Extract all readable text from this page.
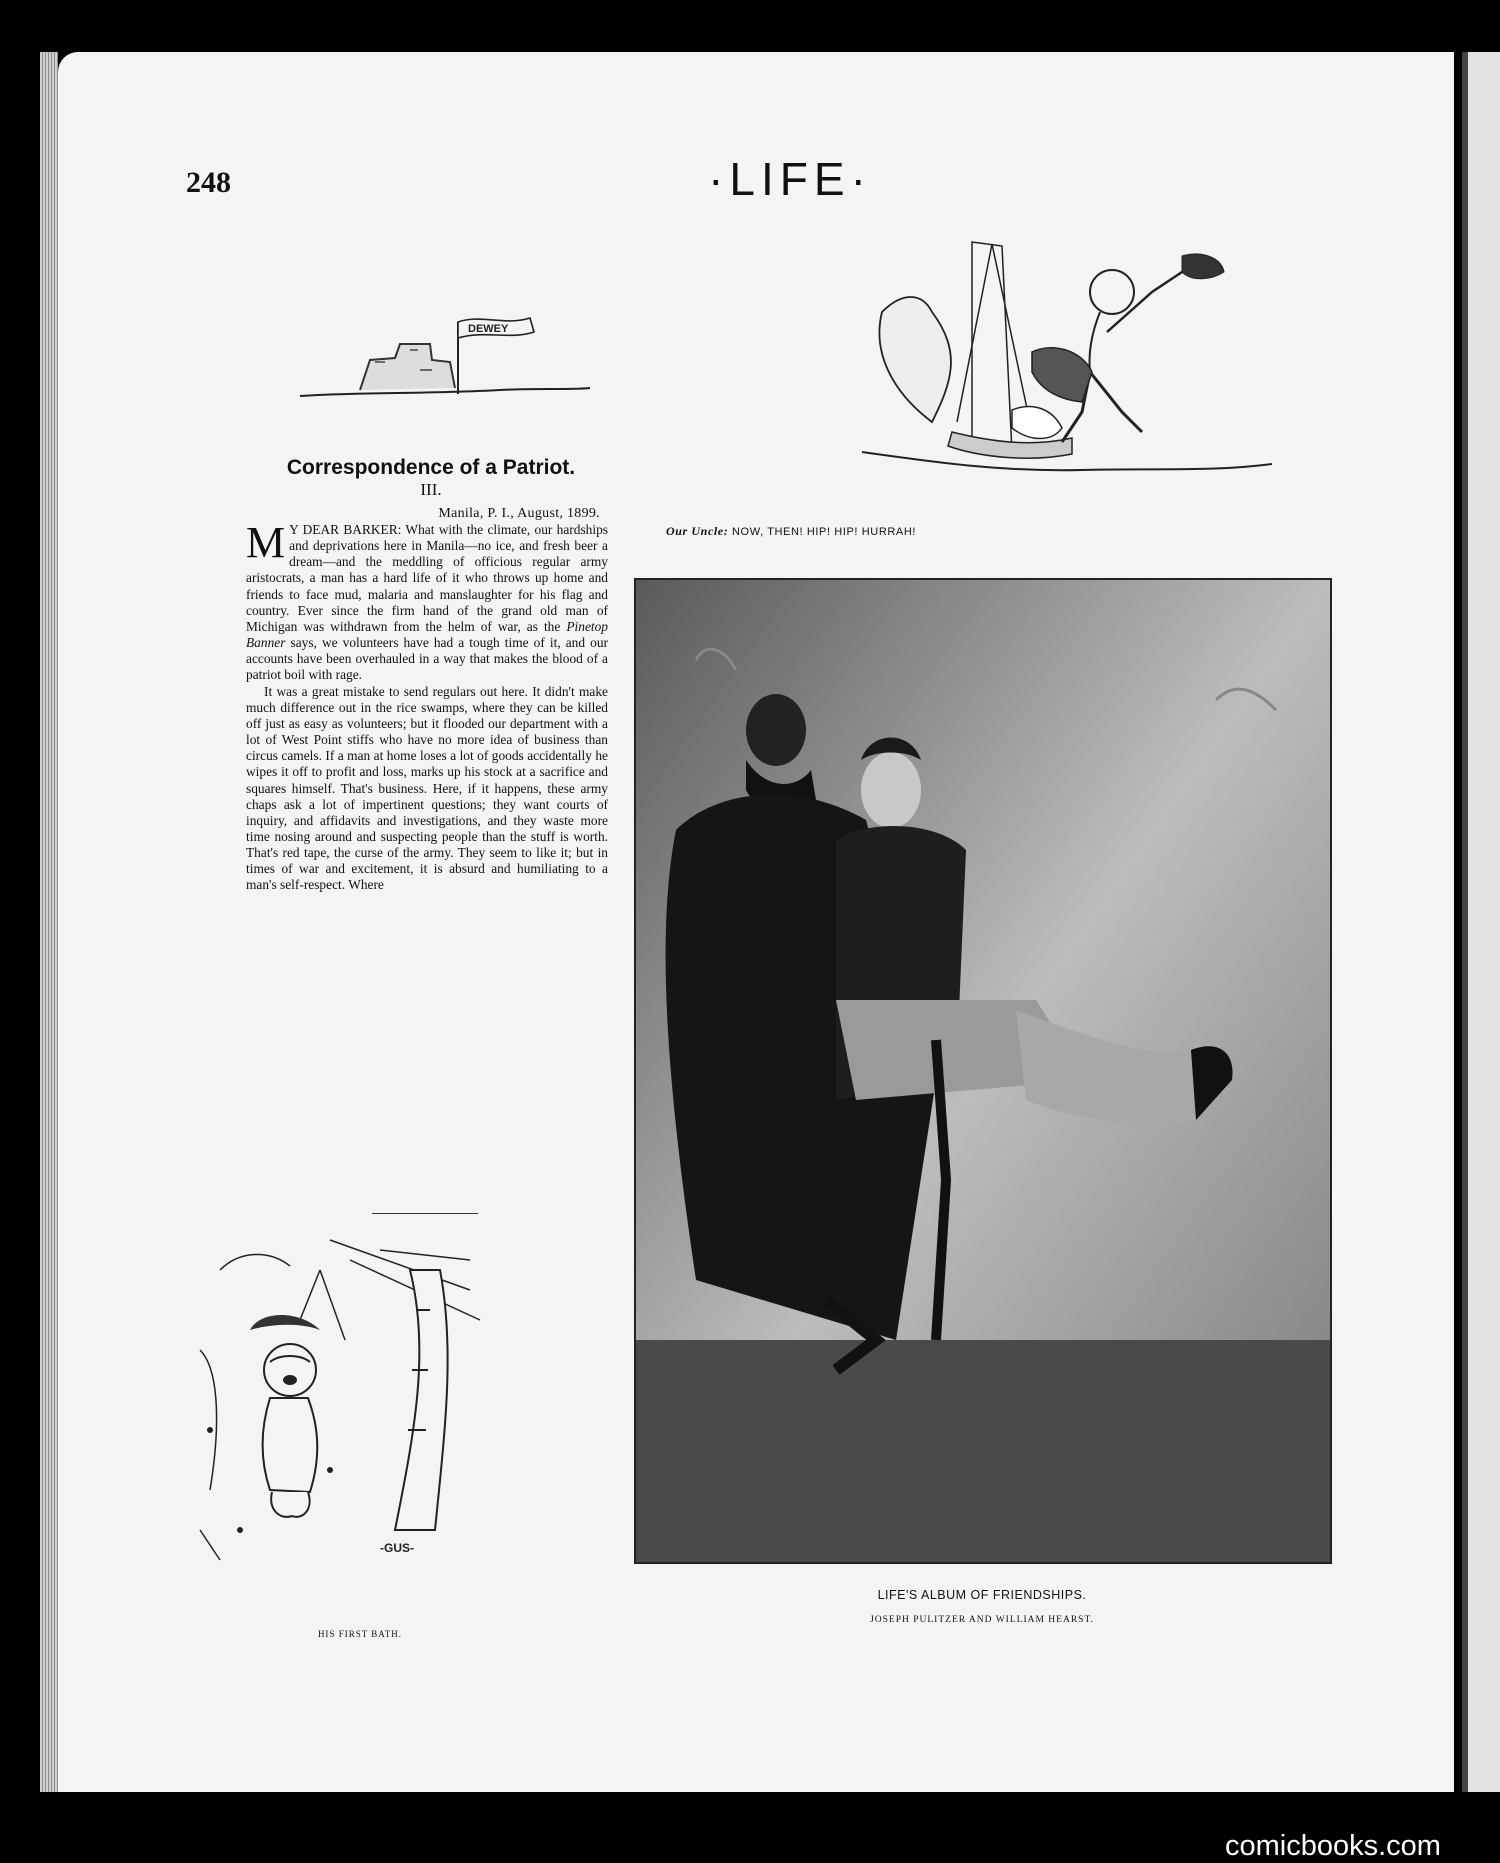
248	·LIFE·
DEWEY
Our Uncle: NOW, THEN! HIP! HIP! HURRAH!
Correspondence of a Patriot.
III.
Manila, P. I., August, 1899.

M Y DEAR BARKER: What with the climate, our hardships and deprivations here in Manila—no ice, and fresh beer a dream—and the meddling of officious regular army aristocrats, a man has a hard life of it who throws up home and friends to face mud, malaria and manslaughter for his flag and country. Ever since the firm hand of the grand old man of Michigan was withdrawn from the helm of war, as the Pinetop Banner says, we volunteers have had a tough time of it, and our accounts have been overhauled in a way that makes the blood of a patriot boil with rage.

It was a great mistake to send regulars out here. It didn't make much difference out in the rice swamps, where they can be killed off just as easy as volunteers; but it flooded our department with a lot of West Point stiffs who have no more idea of business than circus camels. If a man at home loses a lot of goods accidentally he wipes it off to profit and loss, marks up his stock at a sacrifice and squares himself. That's business. Here, if it happens, these army chaps ask a lot of impertinent questions; they want courts of inquiry, and affidavits and investigations, and they waste more time nosing around and suspecting people than the stuff is worth. That's red tape, the curse of the army. They seem to like it; but in times of war and excitement, it is absurd and humiliating to a man's self-respect. Where

-GUS-
HIS FIRST BATH.
LIFE'S ALBUM OF FRIENDSHIPS.
JOSEPH PULITZER AND WILLIAM HEARST.
comicbooks.com
